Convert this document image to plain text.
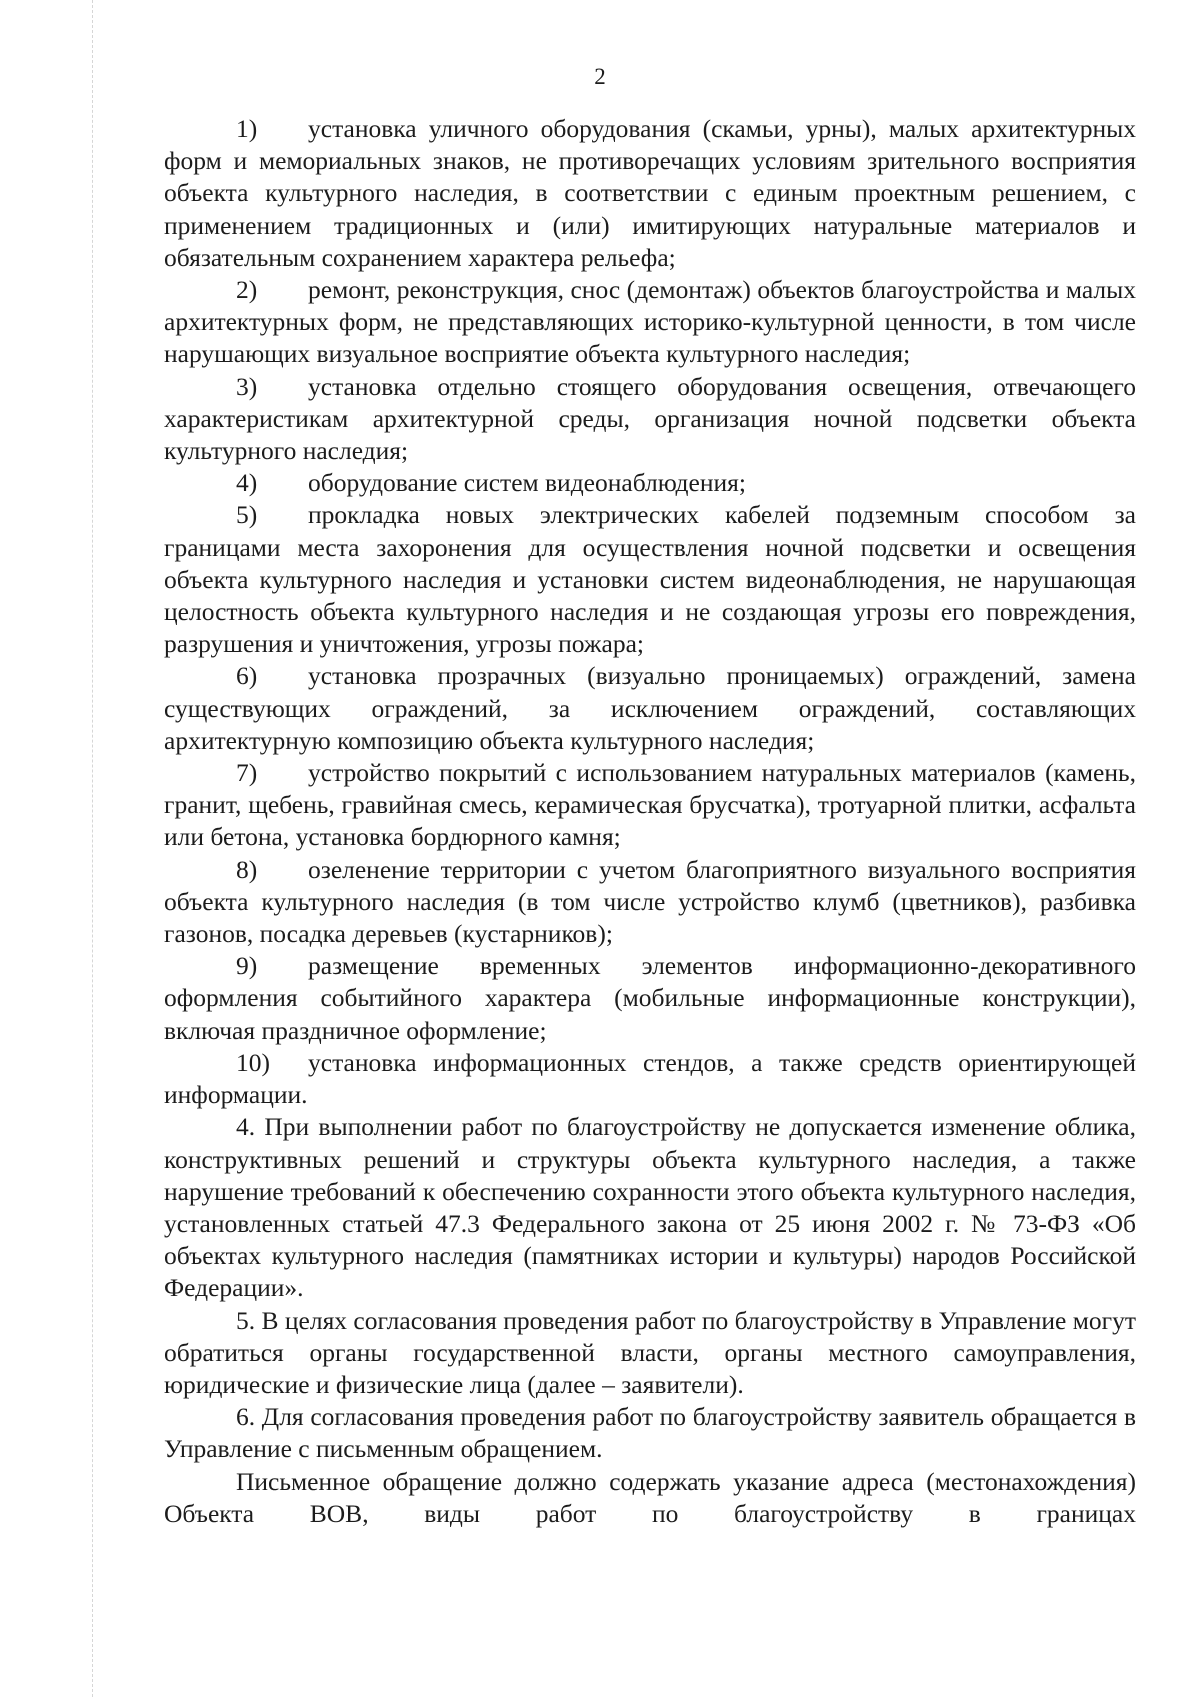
2

1) установка уличного оборудования (скамьи, урны), малых архитектурных форм и мемориальных знаков, не противоречащих условиям зрительного восприятия объекта культурного наследия, в соответствии с единым проектным решением, с применением традиционных и (или) имитирующих натуральные материалов и обязательным сохранением характера рельефа;

2) ремонт, реконструкция, снос (демонтаж) объектов благоустройства и малых архитектурных форм, не представляющих историко-культурной ценности, в том числе нарушающих визуальное восприятие объекта культурного наследия;

3) установка отдельно стоящего оборудования освещения, отвечающего характеристикам архитектурной среды, организация ночной подсветки объекта культурного наследия;

4) оборудование систем видеонаблюдения;

5) прокладка новых электрических кабелей подземным способом за границами места захоронения для осуществления ночной подсветки и освещения объекта культурного наследия и установки систем видеонаблюдения, не нарушающая целостность объекта культурного наследия и не создающая угрозы его повреждения, разрушения и уничтожения, угрозы пожара;

6) установка прозрачных (визуально проницаемых) ограждений, замена существующих ограждений, за исключением ограждений, составляющих архитектурную композицию объекта культурного наследия;

7) устройство покрытий с использованием натуральных материалов (камень, гранит, щебень, гравийная смесь, керамическая брусчатка), тротуарной плитки, асфальта или бетона, установка бордюрного камня;

8) озеленение территории с учетом благоприятного визуального восприятия объекта культурного наследия (в том числе устройство клумб (цветников), разбивка газонов, посадка деревьев (кустарников);

9) размещение временных элементов информационно-декоративного оформления событийного характера (мобильные информационные конструкции), включая праздничное оформление;

10) установка информационных стендов, а также средств ориентирующей информации.

4. При выполнении работ по благоустройству не допускается изменение облика, конструктивных решений и структуры объекта культурного наследия, а также нарушение требований к обеспечению сохранности этого объекта культурного наследия, установленных статьей 47.3 Федерального закона от 25 июня 2002 г. № 73-ФЗ «Об объектах культурного наследия (памятниках истории и культуры) народов Российской Федерации».

5. В целях согласования проведения работ по благоустройству в Управление могут обратиться органы государственной власти, органы местного самоуправления, юридические и физические лица (далее – заявители).

6. Для согласования проведения работ по благоустройству заявитель обращается в Управление с письменным обращением.

Письменное обращение должно содержать указание адреса (местонахождения) Объекта ВОВ, виды работ по благоустройству в границах
